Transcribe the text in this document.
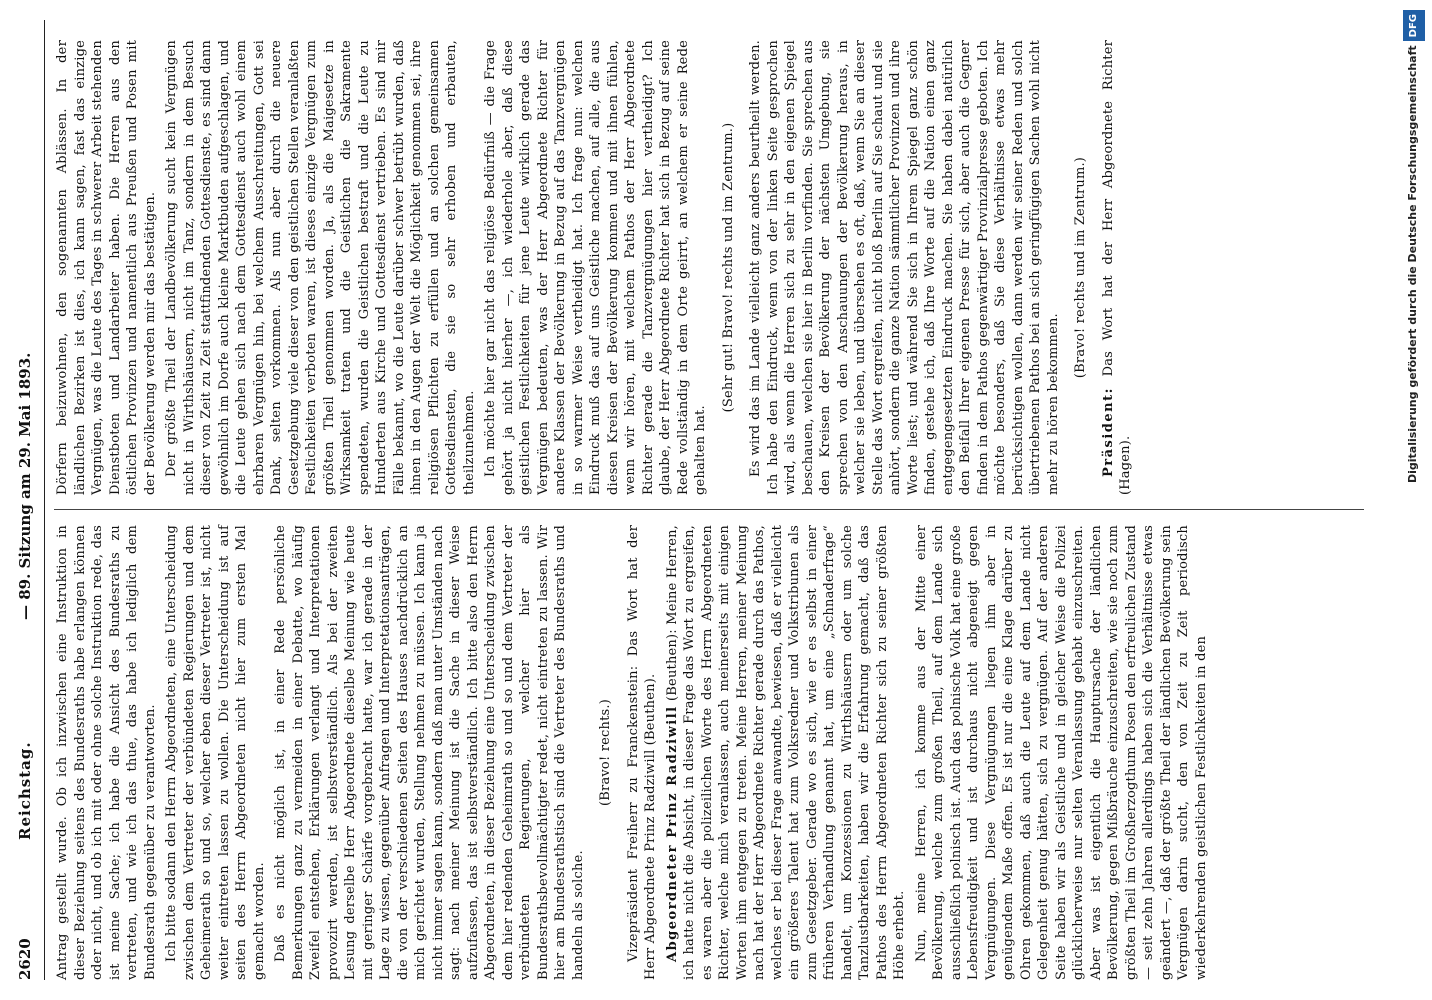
2620
Reichstag.
— 89. Sitzung am 29. Mai 1893.

Antrag gestellt wurde. Ob ich inzwischen eine Instruktion in dieser Beziehung seitens des Bundesraths habe erlangen können oder nicht, und ob ich mit oder ohne solche Instruktion rede, das ist meine Sache; ich habe die Ansicht des Bundesraths zu vertreten, und wie ich das thue, das habe ich lediglich dem Bundesrath gegenüber zu verantworten. Ich bitte sodann den Herrn Abgeordneten, eine Unterscheidung zwischen dem Vertreter der verbündeten Regierungen und dem Geheimerath so und so, welcher eben dieser Vertreter ist, nicht weiter eintreten lassen zu wollen. Die Unterscheidung ist auf seiten des Herrn Abgeordneten nicht hier zum ersten Mal gemacht worden. Daß es nicht möglich ist, in einer Rede persönliche Bemerkungen ganz zu vermeiden in einer Debatte, wo häufig Zweifel entstehen, Erklärungen verlangt und Interpretationen provozirt werden, ist selbstverständlich. Als bei der zweiten Lesung derselbe Herr Abgeordnete dieselbe Meinung wie heute mit geringer Schärfe vorgebracht hatte, war ich gerade in der Lage zu wissen, gegenüber Anfragen und Interpretationsanträgen, die von der verschiedenen Seiten des Hauses nachdrücklich an mich gerichtet wurden, Stellung nehmen zu müssen. Ich kann ja nicht immer sagen kann, sondern daß man unter Umständen nach sagt: nach meiner Meinung ist die Sache in dieser Weise aufzufassen, das ist selbstverständlich. Ich bitte also den Herrn Abgeordneten, in dieser Beziehung eine Unterscheidung zwischen dem hier redenden Geheimrath so und so und dem Vertreter der verbündeten Regierungen, welcher hier als Bundesrathsbevollmächtigter redet, nicht eintreten zu lassen. Wir hier am Bundesrathstisch sind die Vertreter des Bundesraths und handeln als solche.

(Bravo! rechts.) Vizepräsident Freiherr zu Franckenstein: Das Wort hat der Herr Abgeordnete Prinz Radziwill (Beuthen). Abgeordneter Prinz Radziwill (Beuthen): Meine Herren, ich hatte nicht die Absicht, in dieser Frage das Wort zu ergreifen, es waren aber die polizeilichen Worte des Herrn Abgeordneten Richter, welche mich veranlassen, auch meinerseits mit einigen Worten ihm entgegen zu treten. Meine Herren, meiner Meinung nach hat der Herr Abgeordnete Richter gerade durch das Pathos, welches er bei dieser Frage anwandte, bewiesen, daß er vielleicht ein größeres Talent hat zum Volksredner und Volkstribunen als zum Gesetzgeber. Gerade wo es sich, wie er es selbst in einer früheren Verhandlung genannt hat, um eine „Schnaderfrage“ handelt, um Konzessionen zu Wirthshäusern oder um solche Tanzlustbarkeiten, haben wir die Erfahrung gemacht, daß das Pathos des Herrn Abgeordneten Richter sich zu seiner größten Höhe erhebt. Nun, meine Herren, ich komme aus der Mitte einer Bevölkerung, welche zum großen Theil, auf dem Lande sich ausschließlich polnisch ist. Auch das polnische Volk hat eine große Lebensfreudigkeit und ist durchaus nicht abgeneigt gegen Vergnügungen. Diese Vergnügungen liegen ihm aber in genügendem Maße offen. Es ist nur die eine Klage darüber zu Ohren gekommen, daß auch die Leute auf dem Lande nicht Gelegenheit genug hätten, sich zu vergnügen. Auf der anderen Seite haben wir als Geistliche und in gleicher Weise die Polizei glücklicherweise nur selten Veranlassung gehabt einzuschreiten. Aber was ist eigentlich die Hauptursache der ländlichen Bevölkerung, gegen Mißbräuche einzuschreiten, wie sie noch zum größten Theil im Großherzogthum Posen den erfreulichen Zustand — seit zehn Jahren allerdings haben sich die Verhältnisse etwas geändert —, daß der größte Theil der ländlichen Bevölkerung sein Vergnügen darin sucht, den von Zeit zu Zeit periodisch wiederkehrenden geistlichen Festlichkeiten in den

Dörfern beizuwohnen, den sogenannten Ablässen. In der ländlichen Bezirken ist dies, ich kann sagen, fast das einzige Vergnügen, was die Leute des Tages in schwerer Arbeit stehenden Dienstboten und Landarbeiter haben. Die Herren aus den östlichen Provinzen und namentlich aus Preußen und Posen mit der Bevölkerung werden mir das bestätigen. Der größte Theil der Landbevölkerung sucht kein Vergnügen nicht in Wirthshäusern, nicht im Tanz, sondern in dem Besuch dieser von Zeit zu Zeit stattfindenden Gottesdienste, es sind dann gewöhnlich im Dorfe auch kleine Marktbuden aufgeschlagen, und die Leute gehen sich nach dem Gottesdienst auch wohl einem ehrbaren Vergnügen hin, bei welchem Ausschreitungen, Gott sei Dank, selten vorkommen. Als nun aber durch die neuere Gesetzgebung viele dieser von den geistlichen Stellen veranlaßten Festlichkeiten verboten waren, ist dieses einzige Vergnügen zum größten Theil genommen worden. Ja, als die Maigesetze in Wirksamkeit traten und die Geistlichen die Sakramente spendeten, wurden die Geistlichen bestraft und die Leute zu Hunderten aus Kirche und Gottesdienst vertrieben. Es sind mir Fälle bekannt, wo die Leute darüber schwer betrübt wurden, daß ihnen in den Augen der Welt die Möglichkeit genommen sei, ihre religiösen Pflichten zu erfüllen und an solchen gemeinsamen Gottesdiensten, die sie so sehr erhoben und erbauten, theilzunehmen. Ich möchte hier gar nicht das religiöse Bedürfniß — die Frage gehört ja nicht hierher —, ich wiederhole aber, daß diese geistlichen Festlichkeiten für jene Leute wirklich gerade das Vergnügen bedeuten, was der Herr Abgeordnete Richter für andere Klassen der Bevölkerung in Bezug auf das Tanzvergnügen in so warmer Weise vertheidigt hat. Ich frage nun: welchen Eindruck muß das auf uns Geistliche machen, auf alle, die aus diesen Kreisen der Bevölkerung kommen und mit ihnen fühlen, wenn wir hören, mit welchem Pathos der Herr Abgeordnete Richter gerade die Tanzvergnügungen hier vertheidigt? Ich glaube, der Herr Abgeordnete Richter hat sich in Bezug auf seine Rede vollständig in dem Orte geirrt, an welchem er seine Rede gehalten hat.

(Sehr gut! Bravo! rechts und im Zentrum.) Es wird das im Lande vielleicht ganz anders beurtheilt werden. Ich habe den Eindruck, wenn von der linken Seite gesprochen wird, als wenn die Herren sich zu sehr in den eigenen Spiegel beschauen, welchen sie hier in Berlin vorfinden. Sie sprechen aus den Kreisen der Bevölkerung der nächsten Umgebung, sie sprechen von den Anschauungen der Bevölkerung heraus, in welcher sie leben, und übersehen es oft, daß, wenn Sie an dieser Stelle das Wort ergreifen, nicht bloß Berlin auf Sie schaut und sie anhört, sondern die ganze Nation sämmtlicher Provinzen und ihre Worte liest; und während Sie sich in Ihrem Spiegel ganz schön finden, gestehe ich, daß Ihre Worte auf die Nation einen ganz entgegengesetzten Eindruck machen. Sie haben dabei natürlich den Beifall Ihrer eigenen Presse für sich, aber auch die Gegner finden in dem Pathos gegenwärtiger Provinzialpresse geboten. Ich möchte besonders, daß Sie diese Verhältnisse etwas mehr berücksichtigen wollen, dann werden wir seiner Reden und solch übertriebenen Pathos bei an sich geringfügigen Sachen wohl nicht mehr zu hören bekommen.

(Bravo! rechts und im Zentrum.)

Präsident: Das Wort hat der Herr Abgeordnete Richter (Hagen).	Digitalisierung gefördert durch die Deutsche ForschungsgemeinschaftDFG
